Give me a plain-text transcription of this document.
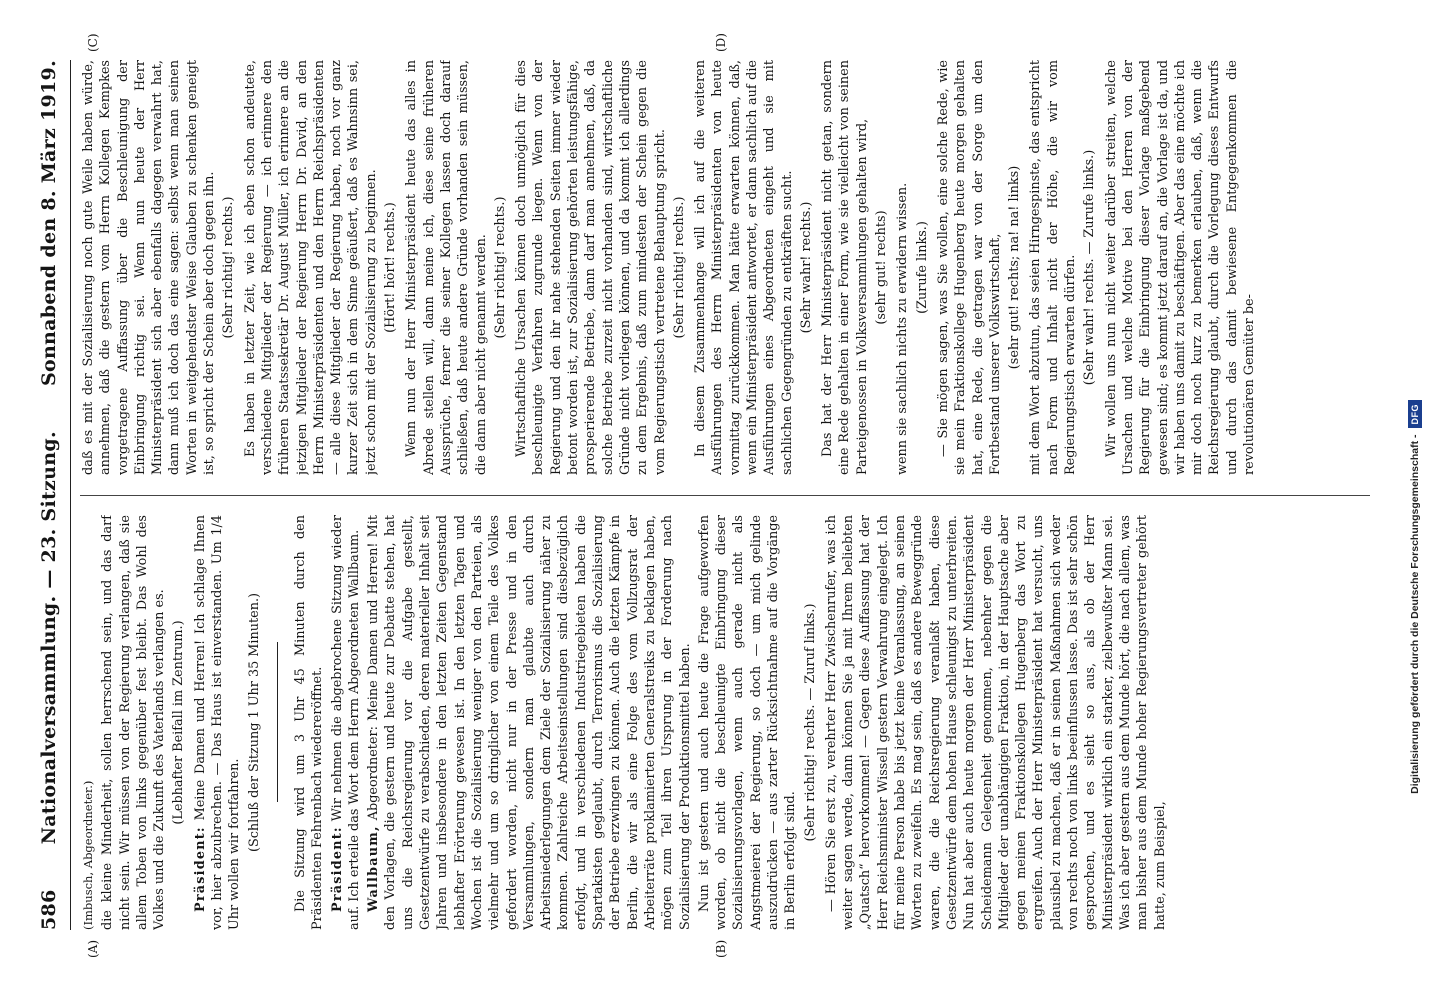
586
Nationalversammlung. — 23. Sitzung.
Sonnabend den 8. März 1919.
(A)	(B)
(C)	(D)

(Imbusch, Abgeordneter.) die kleine Minderheit, sollen herrschend sein, und das darf nicht sein. Wir müssen von der Regierung verlangen, daß sie allem Toben von links gegenüber fest bleibt. Das Wohl des Volkes und die Zukunft des Vaterlands verlangen es. (Lebhafter Beifall im Zentrum.)

Präsident: Meine Damen und Herren! Ich schlage Ihnen vor, hier abzubrechen. — Das Haus ist einverstanden. Um 1/4 Uhr wollen wir fortfahren. (Schluß der Sitzung 1 Uhr 35 Minuten.) Die Sitzung wird um 3 Uhr 45 Minuten durch den Präsidenten Fehrenbach wiedereröffnet. Präsident: Wir nehmen die abgebrochene Sitzung wieder auf. Ich erteile das Wort dem Herrn Abgeordneten Wallbaum. Wallbaum, Abgeordneter: Meine Damen und Herren! Mit den Vorlagen, die gestern und heute zur Debatte stehen, hat uns die Reichsregierung vor die Aufgabe gestellt, Gesetzentwürfe zu verabschieden, deren materieller Inhalt seit Jahren und insbesondere in den letzten Zeiten Gegenstand lebhafter Erörterung gewesen ist. In den letzten Tagen und Wochen ist die Sozialisierung weniger von den Parteien, als vielmehr und um so dringlicher von einem Teile des Volkes gefordert worden, nicht nur in der Presse und in den Versammlungen, sondern man glaubte auch durch Arbeitsniederlegungen dem Ziele der Sozialisierung näher zu kommen. Zahlreiche Arbeitseinstellungen sind diesbezüglich erfolgt, und in verschiedenen Industriegebieten haben die Spartakisten geglaubt, durch Terrorismus die Sozialisierung der Betriebe erzwingen zu können. Auch die letzten Kämpfe in Berlin, die wir als eine Folge des vom Vollzugsrat der Arbeiterräte proklamierten Generalstreiks zu beklagen haben, mögen zum Teil ihren Ursprung in der Forderung nach Sozialisierung der Produktionsmittel haben. Nun ist gestern und auch heute die Frage aufgeworfen worden, ob nicht die beschleunigte Einbringung dieser Sozialisierungsvorlagen, wenn auch gerade nicht als Angstmeierei der Regierung, so doch — um mich gelinde auszudrücken — aus zarter Rücksichtnahme auf die Vorgänge in Berlin erfolgt sind.

(Sehr richtig! rechts. — Zuruf links.) — Hören Sie erst zu, verehrter Herr Zwischenrufer, was ich weiter sagen werde, dann können Sie ja mit Ihrem beliebten „Quatsch“ hervorkommen! — Gegen diese Auffassung hat der Herr Reichsminister Wissell gestern Verwahrung eingelegt. Ich für meine Person habe bis jetzt keine Veranlassung, an seinen Worten zu zweifeln. Es mag sein, daß es andere Beweggründe waren, die die Reichsregierung veranlaßt haben, diese Gesetzentwürfe dem hohen Hause schleunigst zu unterbreiten. Nun hat aber auch heute morgen der Herr Ministerpräsident Scheidemann Gelegenheit genommen, nebenher gegen die Mitglieder der unabhängigen Fraktion, in der Hauptsache aber gegen meinen Fraktionskollegen Hugenberg das Wort zu ergreifen. Auch der Herr Ministerpräsident hat versucht, uns plausibel zu machen, daß er in seinen Maßnahmen sich weder von rechts noch von links beeinflussen lasse. Das ist sehr schön gesprochen, und es sieht so aus, als ob der Herr Ministerpräsident wirklich ein starker, zielbewußter Mann sei. Was ich aber gestern aus dem Munde hört, die nach allem, was man bisher aus dem Munde hoher Regierungsvertreter gehört hatte, zum Beispiel,

daß es mit der Sozialisierung noch gute Weile haben würde, annehmen, daß die gestern vom Herrn Kollegen Kempkes vorgetragene Auffassung über die Beschleunigung der Einbringung richtig sei. Wenn nun heute der Herr Ministerpräsident sich aber ebenfalls dagegen verwahrt hat, dann muß ich doch das eine sagen: selbst wenn man seinen Worten in weitgehendster Weise Glauben zu schenken geneigt ist, so spricht der Schein aber doch gegen ihn. (Sehr richtig! rechts.) Es haben in letzter Zeit, wie ich eben schon andeutete, verschiedene Mitglieder der Regierung — ich erinnere den früheren Staatssekretär Dr. August Müller, ich erinnere an die jetzigen Mitglieder der Regierung Herrn Dr. David, an den Herrn Ministerpräsidenten und den Herrn Reichspräsidenten — alle diese Mitglieder der Regierung haben, noch vor ganz kurzer Zeit sich in dem Sinne geäußert, daß es Wahnsinn sei, jetzt schon mit der Sozialisierung zu beginnen. (Hört! hört! rechts.) Wenn nun der Herr Ministerpräsident heute das alles in Abrede stellen will, dann meine ich, diese seine früheren Aussprüche, ferner die seiner Kollegen lassen doch darauf schließen, daß heute andere Gründe vorhanden sein müssen, die dann aber nicht genannt werden. (Sehr richtig! rechts.) Wirtschaftliche Ursachen können doch unmöglich für dies beschleunigte Verfahren zugrunde liegen. Wenn von der Regierung und den ihr nahe stehenden Seiten immer wieder betont worden ist, zur Sozialisierung gehörten leistungsfähige, prosperierende Betriebe, dann darf man annehmen, daß, da solche Betriebe zurzeit nicht vorhanden sind, wirtschaftliche Gründe nicht vorliegen können, und da kommt ich allerdings zu dem Ergebnis, daß zum mindesten der Schein gegen die vom Regierungstisch vertretene Behauptung spricht. (Sehr richtig! rechts.) In diesem Zusammenhange will ich auf die weiteren Ausführungen des Herrn Ministerpräsidenten von heute vormittag zurückkommen. Man hätte erwarten können, daß, wenn ein Ministerpräsident antwortet, er dann sachlich auf die Ausführungen eines Abgeordneten eingeht und sie mit sachlichen Gegengründen zu entkräften sucht. (Sehr wahr! rechts.) Das hat der Herr Ministerpräsident nicht getan, sondern eine Rede gehalten in einer Form, wie sie vielleicht von seinen Parteigenossen in Volksversammlungen gehalten wird, (sehr gut! rechts) wenn sie sachlich nichts zu erwidern wissen. (Zurufe links.) — Sie mögen sagen, was Sie wollen, eine solche Rede, wie sie mein Fraktionskollege Hugenberg heute morgen gehalten hat, eine Rede, die getragen war von der Sorge um den Fortbestand unserer Volkswirtschaft, (sehr gut! rechts; na! na! links) mit dem Wort abzutun, das seien Hirngespinste, das entspricht nach Form und Inhalt nicht der Höhe, die wir vom Regierungstisch erwarten dürfen. (Sehr wahr! rechts. — Zurufe links.) Wir wollen uns nun nicht weiter darüber streiten, welche Ursachen und welche Motive bei den Herren von der Regierung für die Einbringung dieser Vorlage maßgebend gewesen sind; es kommt jetzt darauf an, die Vorlage ist da, und wir haben uns damit zu beschäftigen. Aber das eine möchte ich mir doch noch kurz zu bemerken erlauben, daß, wenn die Reichsregierung glaubt, durch die Vorlegung dieses Entwurfs und durch das damit bewiesene Entgegenkommen die revolutionären Gemüter be-

Digitalisierung gefördert durch die Deutsche Forschungsgemeinschaft -
DFG
